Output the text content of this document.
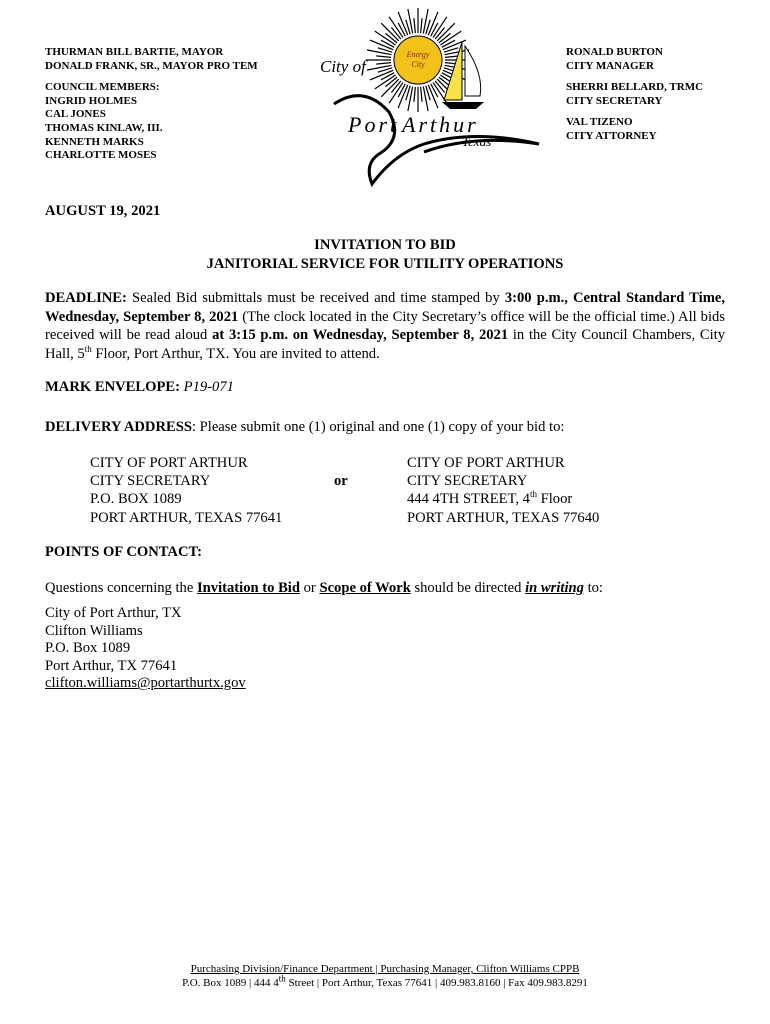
THURMAN BILL BARTIE, MAYOR
DONALD FRANK, SR., MAYOR PRO TEM
COUNCIL MEMBERS:
INGRID HOLMES
CAL JONES
THOMAS KINLAW, III.
KENNETH MARKS
CHARLOTTE MOSES
RONALD BURTON
CITY MANAGER
SHERRI BELLARD, TRMC
CITY SECRETARY
VAL TIZENO
CITY ATTORNEY
Energy
City
City of
Port Arthur
Texas
AUGUST 19, 2021
INVITATION TO BID
JANITORIAL SERVICE FOR UTILITY OPERATIONS
DEADLINE: Sealed Bid submittals must be received and time stamped by 3:00 p.m., Central Standard Time, Wednesday, September 8, 2021 (The clock located in the City Secretary’s office will be the official time.) All bids received will be read aloud at 3:15 p.m. on Wednesday, September 8, 2021 in the City Council Chambers, City Hall, 5th Floor, Port Arthur, TX. You are invited to attend.
MARK ENVELOPE: P19-071
DELIVERY ADDRESS: Please submit one (1) original and one (1) copy of your bid to:
CITY OF PORT ARTHUR
CITY SECRETARY
P.O. BOX 1089
PORT ARTHUR, TEXAS 77641
or
CITY OF PORT ARTHUR
CITY SECRETARY
444 4TH STREET, 4th Floor
PORT ARTHUR, TEXAS 77640
POINTS OF CONTACT:
Questions concerning the Invitation to Bid or Scope of Work should be directed in writing to:
City of Port Arthur, TX
Clifton Williams
P.O. Box 1089
Port Arthur, TX 77641
clifton.williams@portarthurtx.gov
Purchasing Division/Finance Department | Purchasing Manager, Clifton Williams CPPB
P.O. Box 1089 | 444 4th Street | Port Arthur, Texas 77641 | 409.983.8160 | Fax 409.983.8291
